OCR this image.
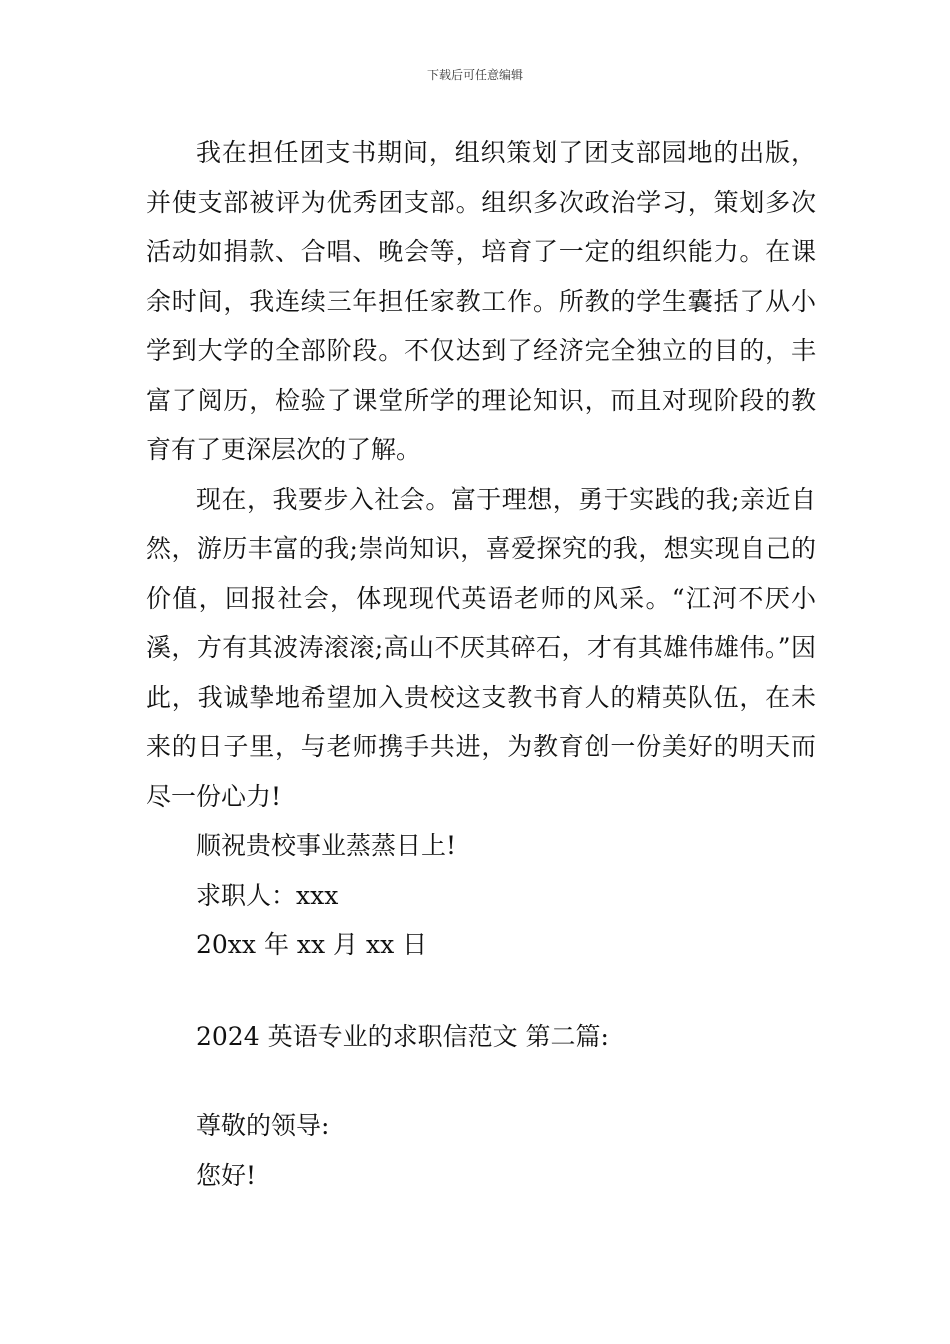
下载后可任意编辑

我在担任团支书期间，组织策划了团支部园地的出版，并使支部被评为优秀团支部。组织多次政治学习，策划多次活动如捐款、合唱、晚会等，培育了一定的组织能力。在课余时间，我连续三年担任家教工作。所教的学生囊括了从小学到大学的全部阶段。不仅达到了经济完全独立的目的，丰富了阅历，检验了课堂所学的理论知识，而且对现阶段的教育有了更深层次的了解。

现在，我要步入社会。富于理想，勇于实践的我;亲近自然，游历丰富的我;崇尚知识，喜爱探究的我，想实现自己的价值，回报社会，体现现代英语老师的风采。“江河不厌小溪，方有其波涛滚滚;高山不厌其碎石，才有其雄伟雄伟。”因此，我诚挚地希望加入贵校这支教书育人的精英队伍，在未来的日子里，与老师携手共进，为教育创一份美好的明天而尽一份心力!

顺祝贵校事业蒸蒸日上!

求职人：xxx

20xx 年 xx 月 xx 日

2024 英语专业的求职信范文 第二篇:

尊敬的领导:

您好!
